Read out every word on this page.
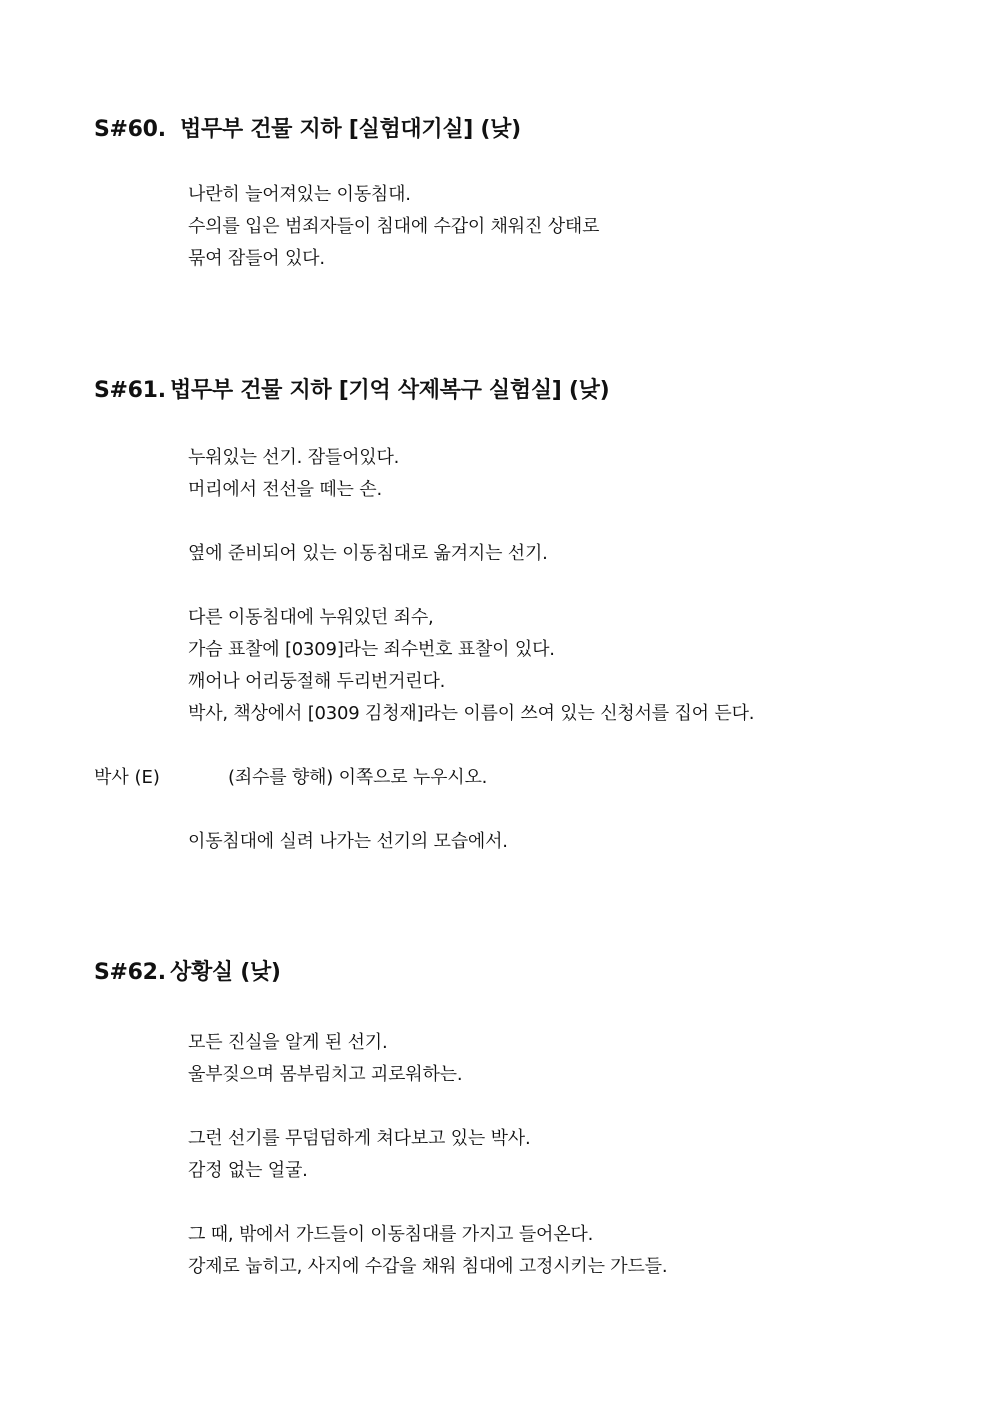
S#60. 법무부 건물 지하 [실험대기실] (낮)
나란히 늘어져있는 이동침대.
수의를 입은 범죄자들이 침대에 수갑이 채워진 상태로
묶여 잠들어 있다.
S#61. 법무부 건물 지하 [기억 삭제복구 실험실] (낮)
누워있는 선기. 잠들어있다.
머리에서 전선을 떼는 손.
옆에 준비되어 있는 이동침대로 옮겨지는 선기.
다른 이동침대에 누워있던 죄수,
가슴 표찰에 [0309]라는 죄수번호 표찰이 있다.
깨어나 어리둥절해 두리번거린다.
박사, 책상에서 [0309 김청재]라는 이름이 쓰여 있는 신청서를 집어 든다.
박사 (E)	(죄수를 향해) 이쪽으로 누우시오.
이동침대에 실려 나가는 선기의 모습에서.
S#62. 상황실 (낮)
모든 진실을 알게 된 선기.
울부짖으며 몸부림치고 괴로워하는.
그런 선기를 무덤덤하게 쳐다보고 있는 박사.
감정 없는 얼굴.
그 때, 밖에서 가드들이 이동침대를 가지고 들어온다.
강제로 눕히고, 사지에 수갑을 채워 침대에 고정시키는 가드들.
